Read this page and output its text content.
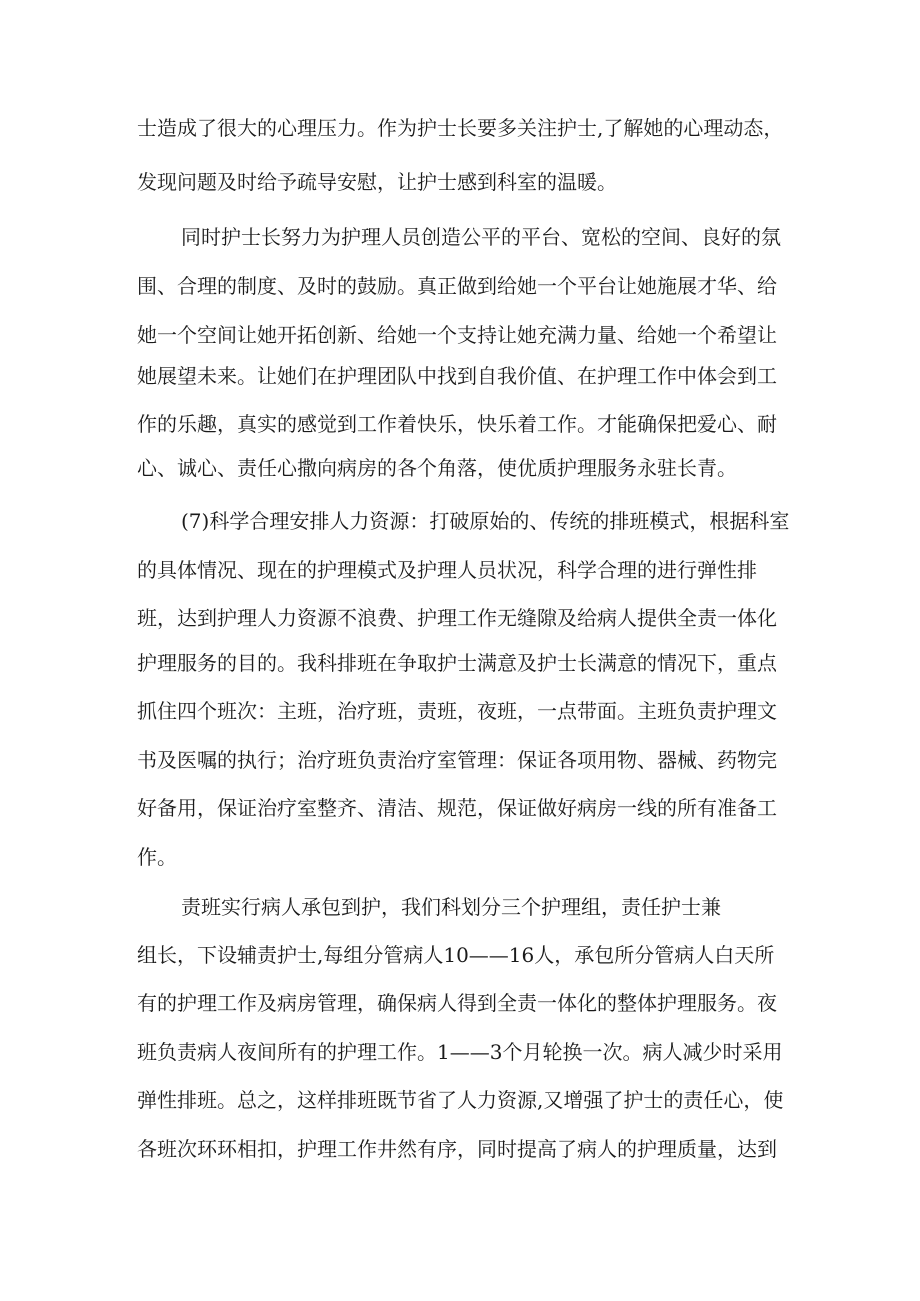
士造成了很大的心理压力。作为护士长要多关注护士,了解她的心理动态，
发现问题及时给予疏导安慰，让护士感到科室的温暖。
同时护士长努力为护理人员创造公平的平台、宽松的空间、良好的氛
围、合理的制度、及时的鼓励。真正做到给她一个平台让她施展才华、给
她一个空间让她开拓创新、给她一个支持让她充满力量、给她一个希望让
她展望未来。让她们在护理团队中找到自我价值、在护理工作中体会到工
作的乐趣，真实的感觉到工作着快乐，快乐着工作。才能确保把爱心、耐
心、诚心、责任心撒向病房的各个角落，使优质护理服务永驻长青。
(7)科学合理安排人力资源：打破原始的、传统的排班模式，根据科室
的具体情况、现在的护理模式及护理人员状况，科学合理的进行弹性排
班，达到护理人力资源不浪费、护理工作无缝隙及给病人提供全责一体化
护理服务的目的。我科排班在争取护士满意及护士长满意的情况下，重点
抓住四个班次：主班，治疗班，责班，夜班，一点带面。主班负责护理文
书及医嘱的执行；治疗班负责治疗室管理：保证各项用物、器械、药物完
好备用，保证治疗室整齐、清洁、规范，保证做好病房一线的所有准备工
作。
责班实行病人承包到护，我们科划分三个护理组，责任护士兼
组长，下设辅责护士,每组分管病人10——16人，承包所分管病人白天所
有的护理工作及病房管理，确保病人得到全责一体化的整体护理服务。夜
班负责病人夜间所有的护理工作。1——3个月轮换一次。病人减少时采用
弹性排班。总之，这样排班既节省了人力资源,又增强了护士的责任心，使
各班次环环相扣，护理工作井然有序，同时提高了病人的护理质量，达到
